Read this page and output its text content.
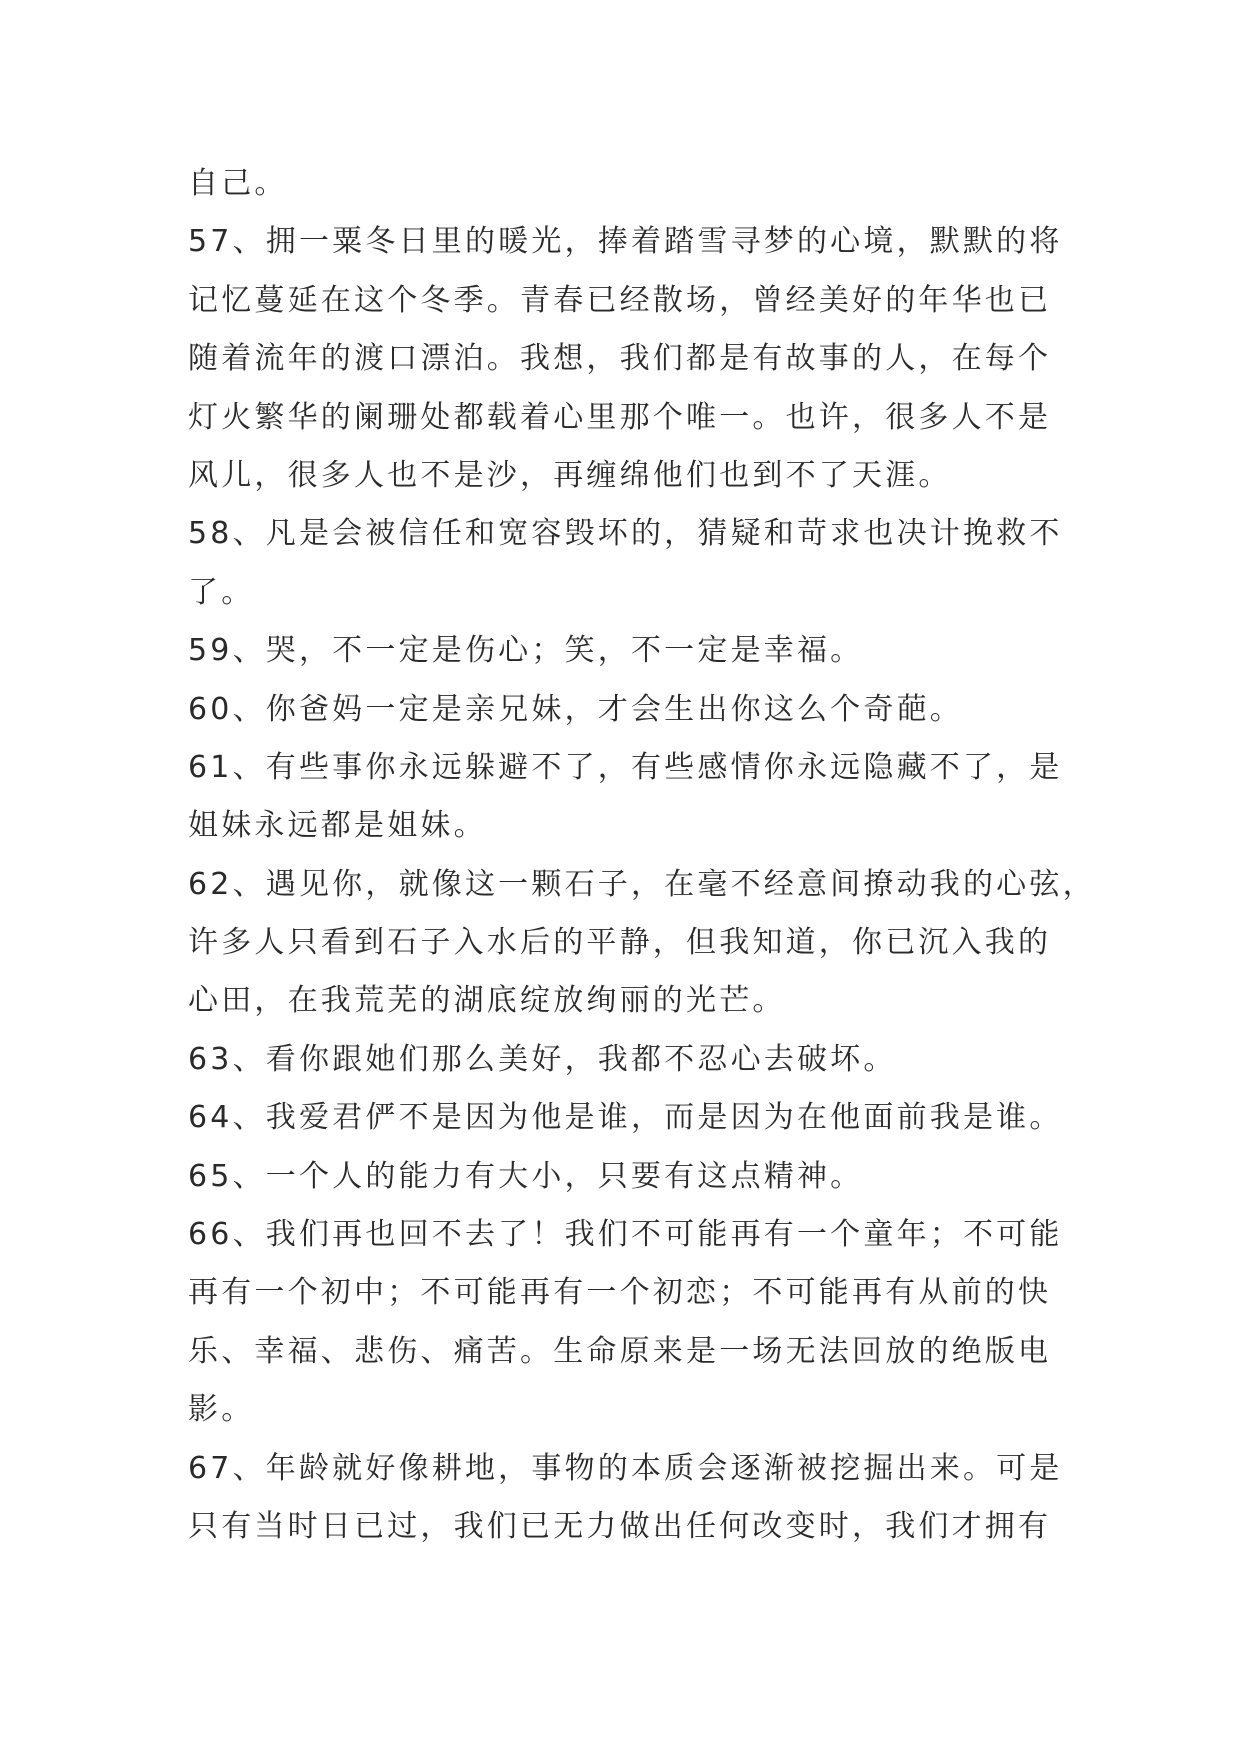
自己。
57、拥一粟冬日里的暖光，捧着踏雪寻梦的心境，默默的将
记忆蔓延在这个冬季。青春已经散场，曾经美好的年华也已
随着流年的渡口漂泊。我想，我们都是有故事的人，在每个
灯火繁华的阑珊处都载着心里那个唯一。也许，很多人不是
风儿，很多人也不是沙，再缠绵他们也到不了天涯。
58、凡是会被信任和宽容毁坏的，猜疑和苛求也决计挽救不
了。
59、哭，不一定是伤心；笑，不一定是幸福。
60、你爸妈一定是亲兄妹，才会生出你这么个奇葩。
61、有些事你永远躲避不了，有些感情你永远隐藏不了，是
姐妹永远都是姐妹。
62、遇见你，就像这一颗石子，在毫不经意间撩动我的心弦，
许多人只看到石子入水后的平静，但我知道，你已沉入我的
心田，在我荒芜的湖底绽放绚丽的光芒。
63、看你跟她们那么美好，我都不忍心去破坏。
64、我爱君俨不是因为他是谁，而是因为在他面前我是谁。
65、一个人的能力有大小，只要有这点精神。
66、我们再也回不去了！我们不可能再有一个童年；不可能
再有一个初中；不可能再有一个初恋；不可能再有从前的快
乐、幸福、悲伤、痛苦。生命原来是一场无法回放的绝版电
影。
67、年龄就好像耕地，事物的本质会逐渐被挖掘出来。可是
只有当时日已过，我们已无力做出任何改变时，我们才拥有
